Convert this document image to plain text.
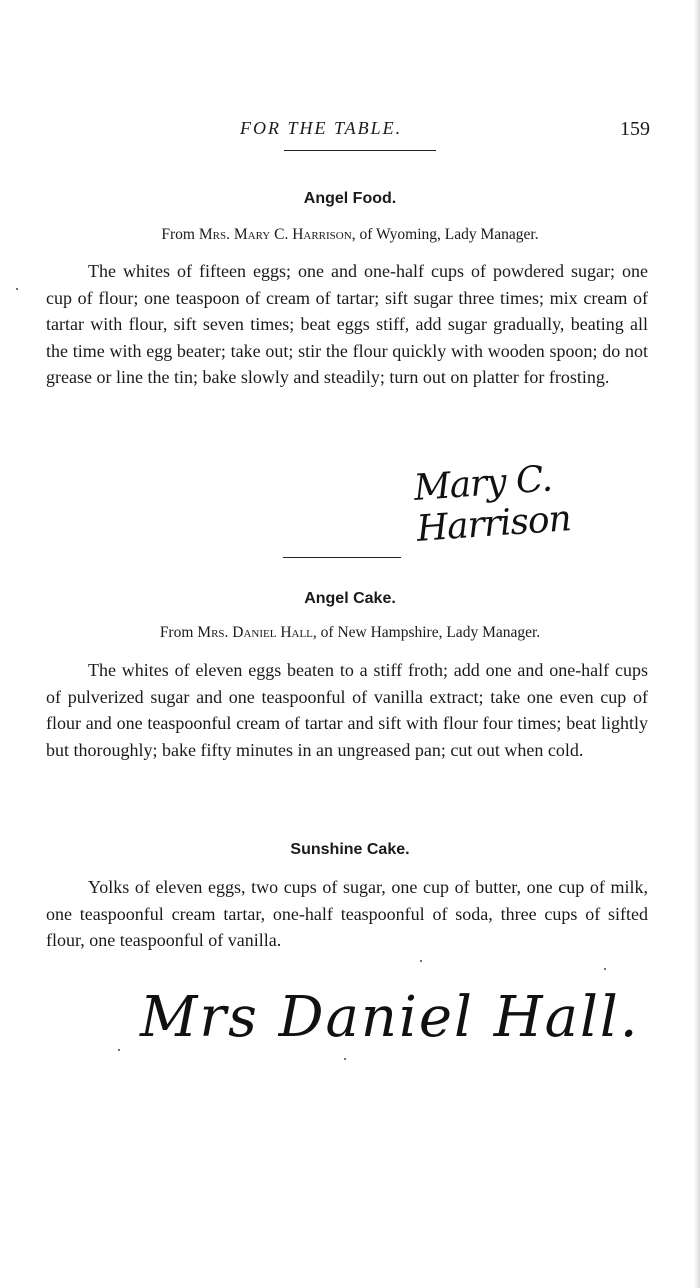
FOR THE TABLE.	159
Angel Food.
From Mrs. Mary C. Harrison, of Wyoming, Lady Manager.

The whites of fifteen eggs; one and one-half cups of powdered sugar; one cup of flour; one teaspoon of cream of tartar; sift sugar three times; mix cream of tartar with flour, sift seven times; beat eggs stiff, add sugar gradually, beating all the time with egg beater; take out; stir the flour quickly with wooden spoon; do not grease or line the tin; bake slowly and steadily; turn out on platter for frosting.

Mary C. Harrison
Angel Cake.
From Mrs. Daniel Hall, of New Hampshire, Lady Manager.

The whites of eleven eggs beaten to a stiff froth; add one and one-half cups of pulverized sugar and one teaspoonful of vanilla extract; take one even cup of flour and one teaspoonful cream of tartar and sift with flour four times; beat lightly but thoroughly; bake fifty minutes in an ungreased pan; cut out when cold.

Sunshine Cake.

Yolks of eleven eggs, two cups of sugar, one cup of butter, one cup of milk, one teaspoonful cream tartar, one-half teaspoonful of soda, three cups of sifted flour, one teaspoonful of vanilla.

Mrs Daniel Hall.
